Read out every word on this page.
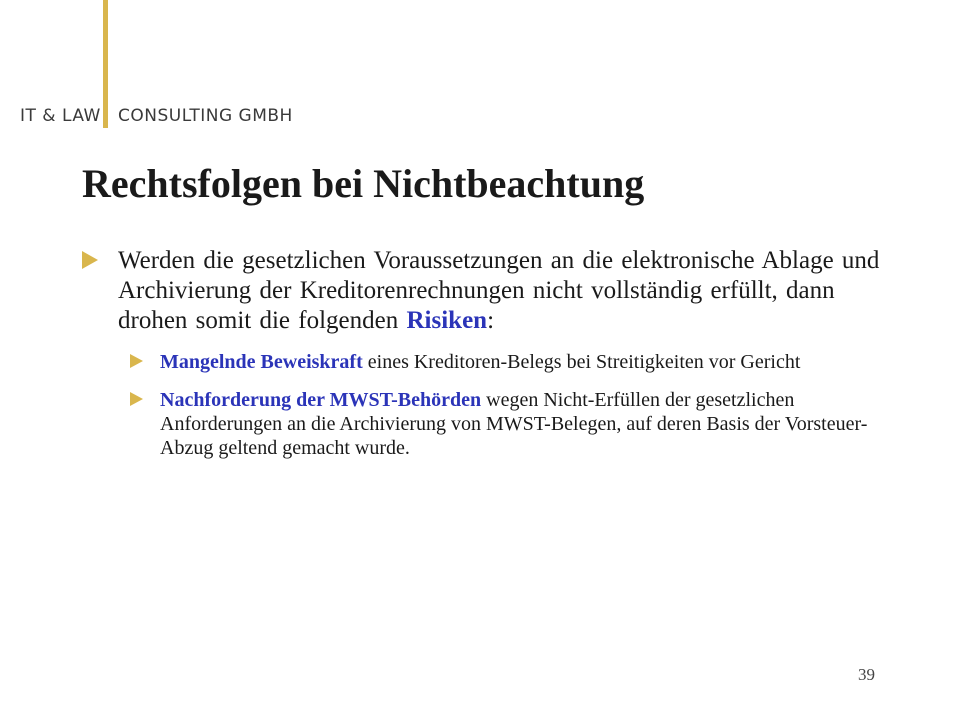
IT & LAW CONSULTING GMBH
Rechtsfolgen bei Nichtbeachtung
Werden die gesetzlichen Voraussetzungen an die elektronische Ablage und Archivierung der Kreditorenrechnungen nicht vollständig erfüllt, dann drohen somit die folgenden Risiken:
Mangelnde Beweiskraft eines Kreditoren-Belegs bei Streitigkeiten vor Gericht
Nachforderung der MWST-Behörden wegen Nicht-Erfüllen der gesetzlichen Anforderungen an die Archivierung von MWST-Belegen, auf deren Basis der Vorsteuer-Abzug geltend gemacht wurde.
39
